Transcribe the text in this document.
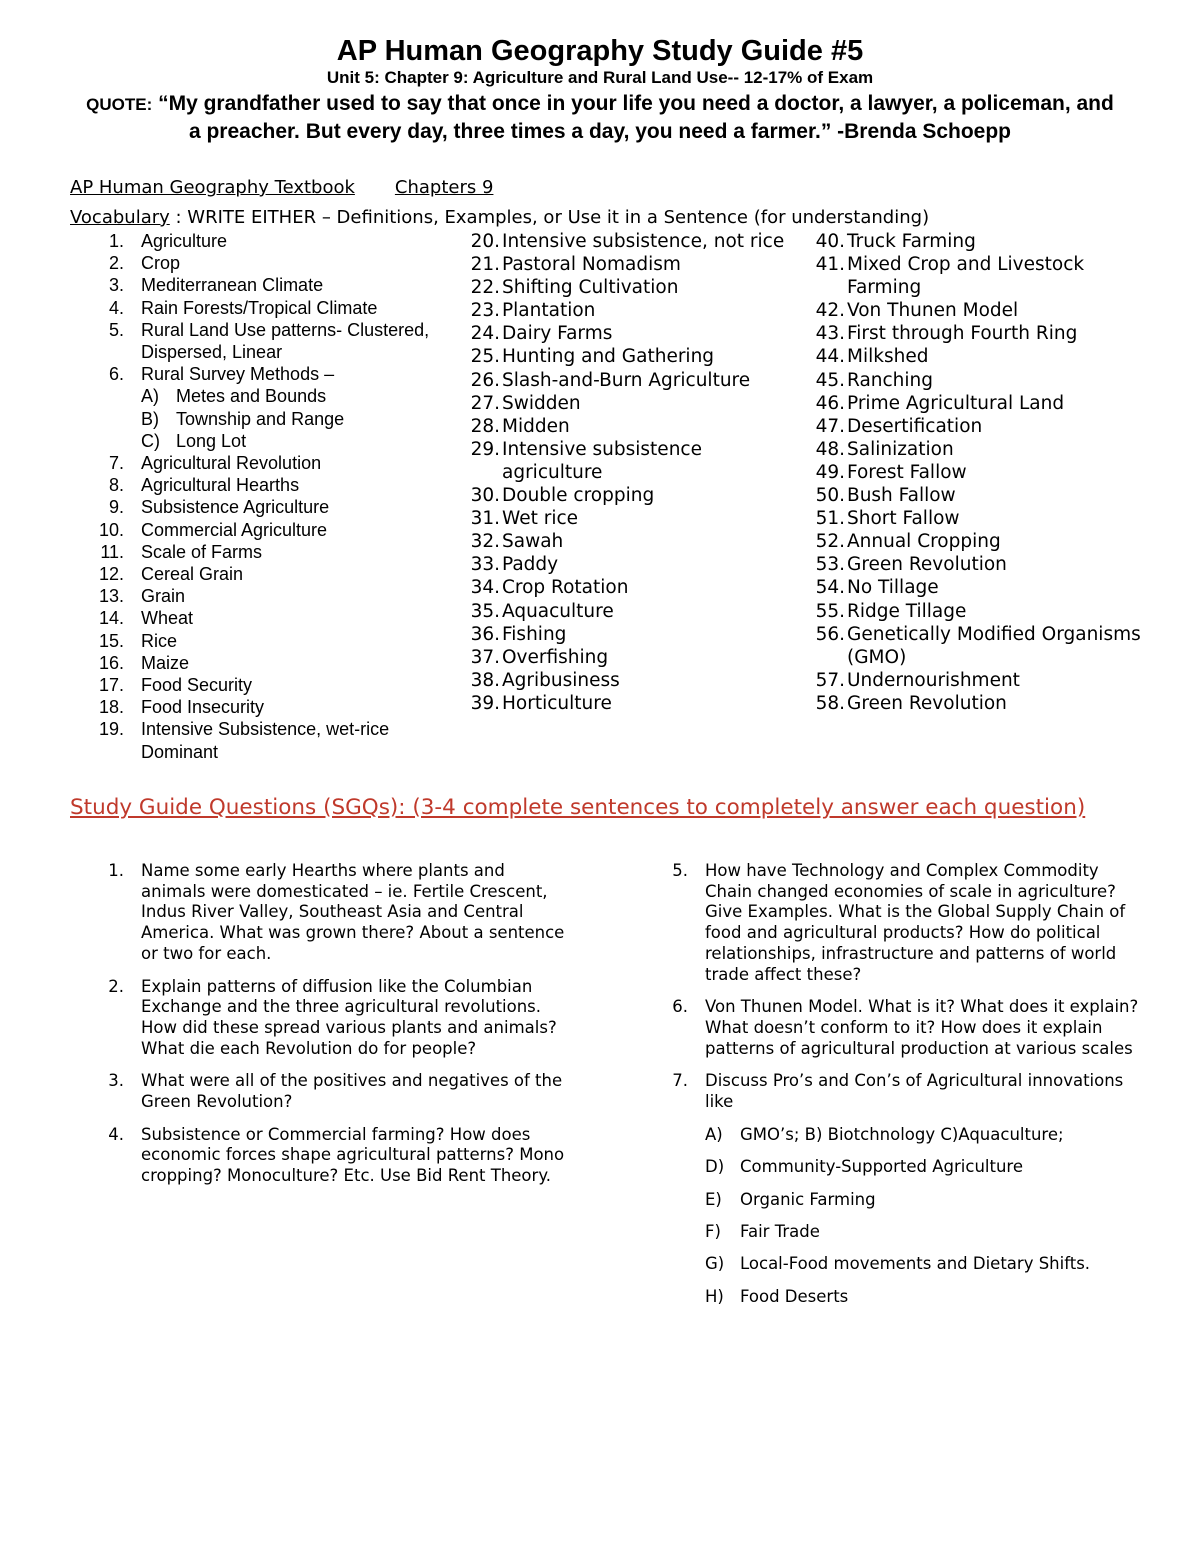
AP Human Geography Study Guide #5
Unit 5: Chapter 9: Agriculture and Rural Land Use-- 12-17% of Exam
QUOTE: “My grandfather used to say that once in your life you need a doctor, a lawyer, a policeman, and a preacher. But every day, three times a day, you need a farmer.” -Brenda Schoepp
AP Human Geography Textbook Chapters 9
Vocabulary : WRITE EITHER – Definitions, Examples, or Use it in a Sentence (for understanding)
1. Agriculture
2. Crop
3. Mediterranean Climate
4. Rain Forests/Tropical Climate
5. Rural Land Use patterns- Clustered, Dispersed, Linear
6. Rural Survey Methods –
A) Metes and Bounds
B) Township and Range
C) Long Lot
7. Agricultural Revolution
8. Agricultural Hearths
9. Subsistence Agriculture
10. Commercial Agriculture
11. Scale of Farms
12. Cereal Grain
13. Grain
14. Wheat
15. Rice
16. Maize
17. Food Security
18. Food Insecurity
19. Intensive Subsistence, wet-rice Dominant
20. Intensive subsistence, not rice
21. Pastoral Nomadism
22. Shifting Cultivation
23. Plantation
24. Dairy Farms
25. Hunting and Gathering
26. Slash-and-Burn Agriculture
27. Swidden
28. Midden
29. Intensive subsistence agriculture
30. Double cropping
31. Wet rice
32. Sawah
33. Paddy
34. Crop Rotation
35. Aquaculture
36. Fishing
37. Overfishing
38. Agribusiness
39. Horticulture
40. Truck Farming
41. Mixed Crop and Livestock Farming
42. Von Thunen Model
43. First through Fourth Ring
44. Milkshed
45. Ranching
46. Prime Agricultural Land
47. Desertification
48. Salinization
49. Forest Fallow
50. Bush Fallow
51. Short Fallow
52. Annual Cropping
53. Green Revolution
54. No Tillage
55. Ridge Tillage
56. Genetically Modified Organisms (GMO)
57. Undernourishment
58. Green Revolution
Study Guide Questions (SGQs): (3-4 complete sentences to completely answer each question)
1. Name some early Hearths where plants and animals were domesticated – ie. Fertile Crescent, Indus River Valley, Southeast Asia and Central America. What was grown there? About a sentence or two for each.
2. Explain patterns of diffusion like the Columbian Exchange and the three agricultural revolutions. How did these spread various plants and animals? What die each Revolution do for people?
3. What were all of the positives and negatives of the Green Revolution?
4. Subsistence or Commercial farming? How does economic forces shape agricultural patterns? Mono cropping? Monoculture? Etc. Use Bid Rent Theory.
5. How have Technology and Complex Commodity Chain changed economies of scale in agriculture? Give Examples. What is the Global Supply Chain of food and agricultural products? How do political relationships, infrastructure and patterns of world trade affect these?
6. Von Thunen Model. What is it? What does it explain? What doesn’t conform to it? How does it explain patterns of agricultural production at various scales
7. Discuss Pro’s and Con’s of Agricultural innovations like
A) GMO’s; B) Biotchnology C)Aquaculture;
D) Community-Supported Agriculture
E) Organic Farming
F) Fair Trade
G) Local-Food movements and Dietary Shifts.
H) Food Deserts
